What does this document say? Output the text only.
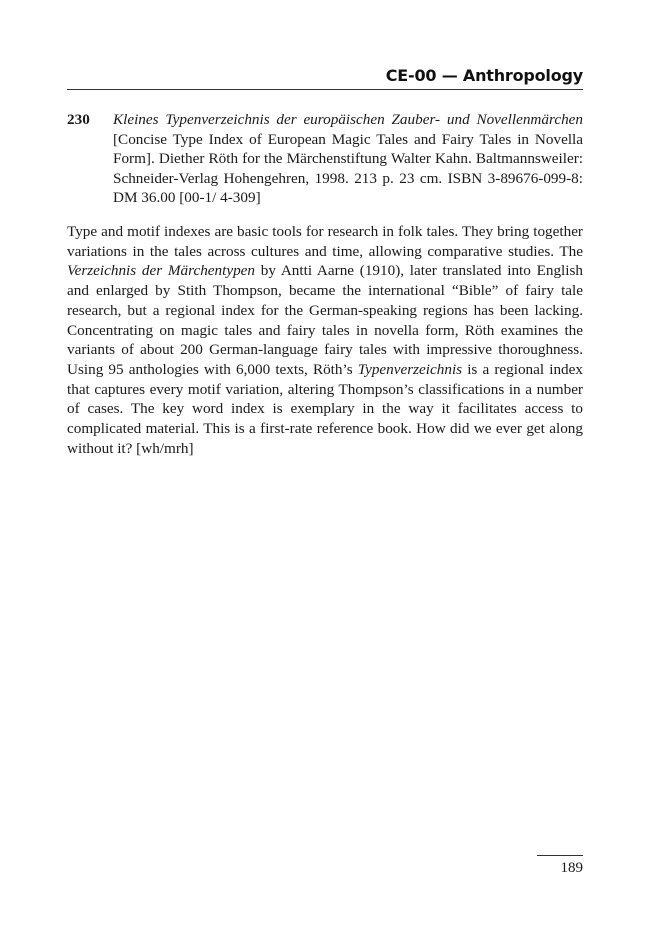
CE-00 — Anthropology
230 Kleines Typenverzeichnis der europäischen Zauber- und Novellenmärchen [Concise Type Index of European Magic Tales and Fairy Tales in Novella Form]. Diether Röth for the Märchenstiftung Walter Kahn. Baltmannsweiler: Schneider-Verlag Hohengehren, 1998. 213 p. 23 cm. ISBN 3-89676-099-8: DM 36.00 [00-1/ 4-309]

Type and motif indexes are basic tools for research in folk tales. They bring together variations in the tales across cultures and time, allowing comparative studies. The Verzeichnis der Märchentypen by Antti Aarne (1910), later translated into English and enlarged by Stith Thompson, became the international “Bible” of fairy tale research, but a regional index for the German-speaking regions has been lacking. Concentrating on magic tales and fairy tales in novella form, Röth examines the variants of about 200 German-language fairy tales with impressive thoroughness. Using 95 anthologies with 6,000 texts, Röth’s Typenverzeichnis is a regional index that captures every motif variation, altering Thompson’s classifications in a number of cases. The key word index is exemplary in the way it facilitates access to complicated material. This is a first-rate reference book. How did we ever get along without it? [wh/mrh]

189
